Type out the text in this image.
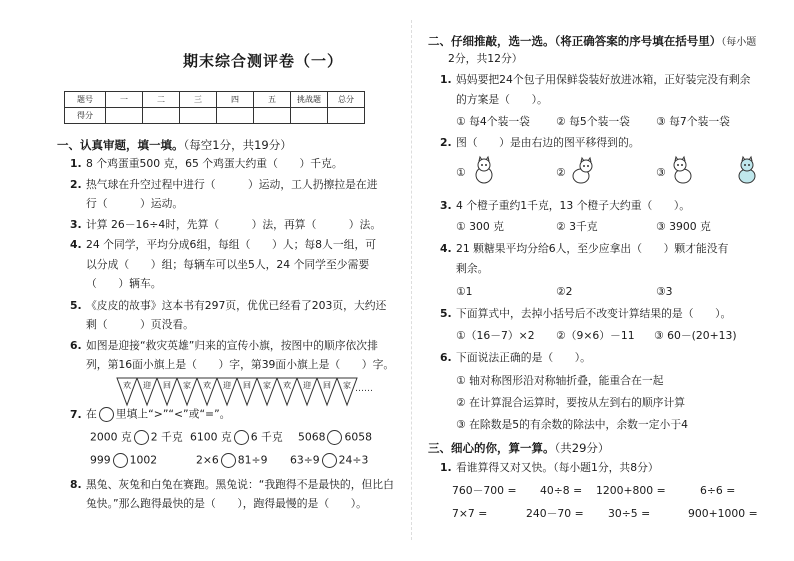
期末综合测评卷（一）
题号	一	二	三	四	五	挑战题	总分
得分							
一、认真审题，填一填。（每空1分，共19分）
1. 8 个鸡蛋重500 克，65 个鸡蛋大约重（　　）千克。
2. 热气球在升空过程中进行（　　　）运动，工人扔擦拉是在进
行（　　　）运动。
3. 计算 26－16÷4时，先算（　　　）法，再算（　　　）法。
4. 24 个同学，平均分成6组，每组（　　）人；每8人一组，可
以分成（　　）组；每辆车可以坐5人，24 个同学至少需要
（　　）辆车。
5. 《皮皮的故事》这本书有297页，优优已经看了203页，大约还
剩（　　　）页没看。
6. 如图是迎接“救灾英雄”归来的宣传小旗，按图中的顺序依次排
列，第16面小旗上是（　　）字，第39面小旗上是（　　）字。
欢 迎 回 家 欢 迎 回 家 欢 迎 回 家 ……
7. 在 里填上“>”“<”或“=”。
2000 克 2 千克 6100 克 6 千克 5068 6058
999 1002	2×6 81÷9 63÷9 24÷3
8. 黑兔、灰兔和白兔在赛跑。黑兔说：“我跑得不是最快的，但比白
兔快。”那么跑得最快的是（　　），跑得最慢的是（　　）。
二、仔细推敲，选一选。（将正确答案的序号填在括号里）（每小题
2分，共12分）
1. 妈妈要把24个包子用保鲜袋装好放进冰箱，正好装完没有剩余
的方案是（　　）。
① 每4个装一袋 ② 每5个装一袋 ③ 每7个装一袋
2. 图（　　）是由右边的图平移得到的。
①	②	③
3. 4 个橙子重约1千克，13 个橙子大约重（　　）。
① 300 克	② 3千克	③ 3900 克
4. 21 颗糖果平均分给6人，至少应拿出（　　）颗才能没有
剩余。
①1	②2	③3
5. 下面算式中，去掉小括号后不改变计算结果的是（　　）。
①（16－7）×2 ②（9×6）－11 ③ 60－(20+13)
6. 下面说法正确的是（　　）。
① 轴对称图形沿对称轴折叠，能重合在一起
② 在计算混合运算时，要按从左到右的顺序计算
③ 在除数是5的有余数的除法中，余数一定小于4
三、细心的你，算一算。（共29分）
1. 看谁算得又对又快。（每小题1分，共8分）
760－700 = 40÷8 = 1200+800 =	6÷6 =
7×7 =	240－70 = 30÷5 =	900+1000 =
